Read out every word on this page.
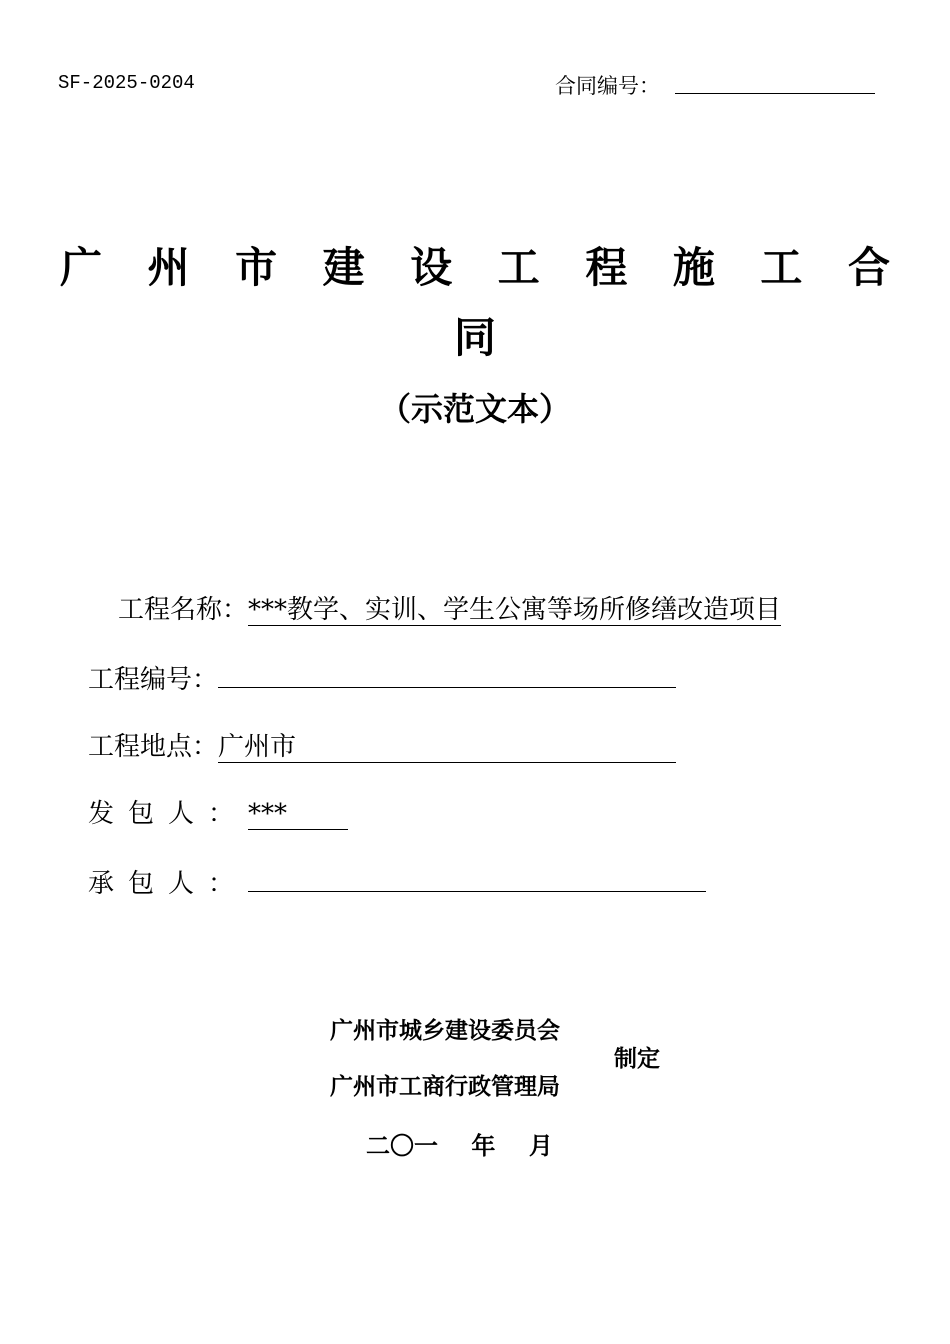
SF-2025-0204	合同编号：
广州市建设工程施工合
同
（示范文本）
工程名称：***教学、实训、学生公寓等场所修缮改造项目
工程编号：
工程地点：广州市
发包人：***
承包人：
广州市城乡建设委员会
广州市工商行政管理局
制定
二〇一    年    月
